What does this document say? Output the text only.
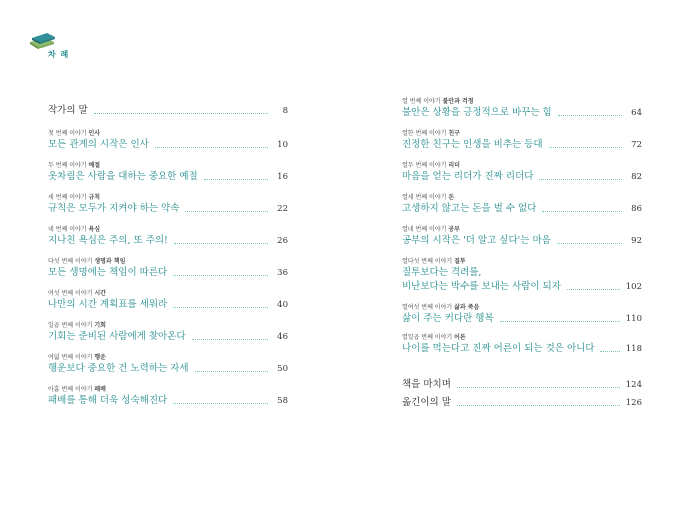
차 례
작가의 말	8
첫 번째 이야기 인사
모든 관계의 시작은 인사	10
두 번째 이야기 예절
옷차림은 사람을 대하는 중요한 예절	16
세 번째 이야기 규칙
규칙은 모두가 지켜야 하는 약속	22
네 번째 이야기 욕심
지나친 욕심은 주의, 또 주의!	26
다섯 번째 이야기 생명과 책임
모든 생명에는 책임이 따른다	36
여섯 번째 이야기 시간
나만의 시간 계획표를 세워라	40
일곱 번째 이야기 기회
기회는 준비된 사람에게 찾아온다	46
여덟 번째 이야기 행운
행운보다 중요한 건 노력하는 자세	50
아홉 번째 이야기 패배
패배를 통해 더욱 성숙해진다	58
열 번째 이야기 불안과 걱정
불안은 상황을 긍정적으로 바꾸는 힘	64
열한 번째 이야기 친구
진정한 친구는 인생을 비추는 등대	72
열두 번째 이야기 리더
마음을 얻는 리더가 진짜 리더다	82
열세 번째 이야기 돈
고생하지 않고는 돈을 벌 수 없다	86
열네 번째 이야기 공부
공부의 시작은 '더 알고 싶다'는 마음	92
열다섯 번째 이야기 질투
질투보다는 격려를,
비난보다는 박수를 보내는 사람이 되자	102
열여섯 번째 이야기 삶과 죽음
삶이 주는 커다란 행복	110
열일곱 번째 이야기 어른
나이를 먹는다고 진짜 어른이 되는 것은 아니다	118
책을 마치며	124
옮긴이의 말	126
